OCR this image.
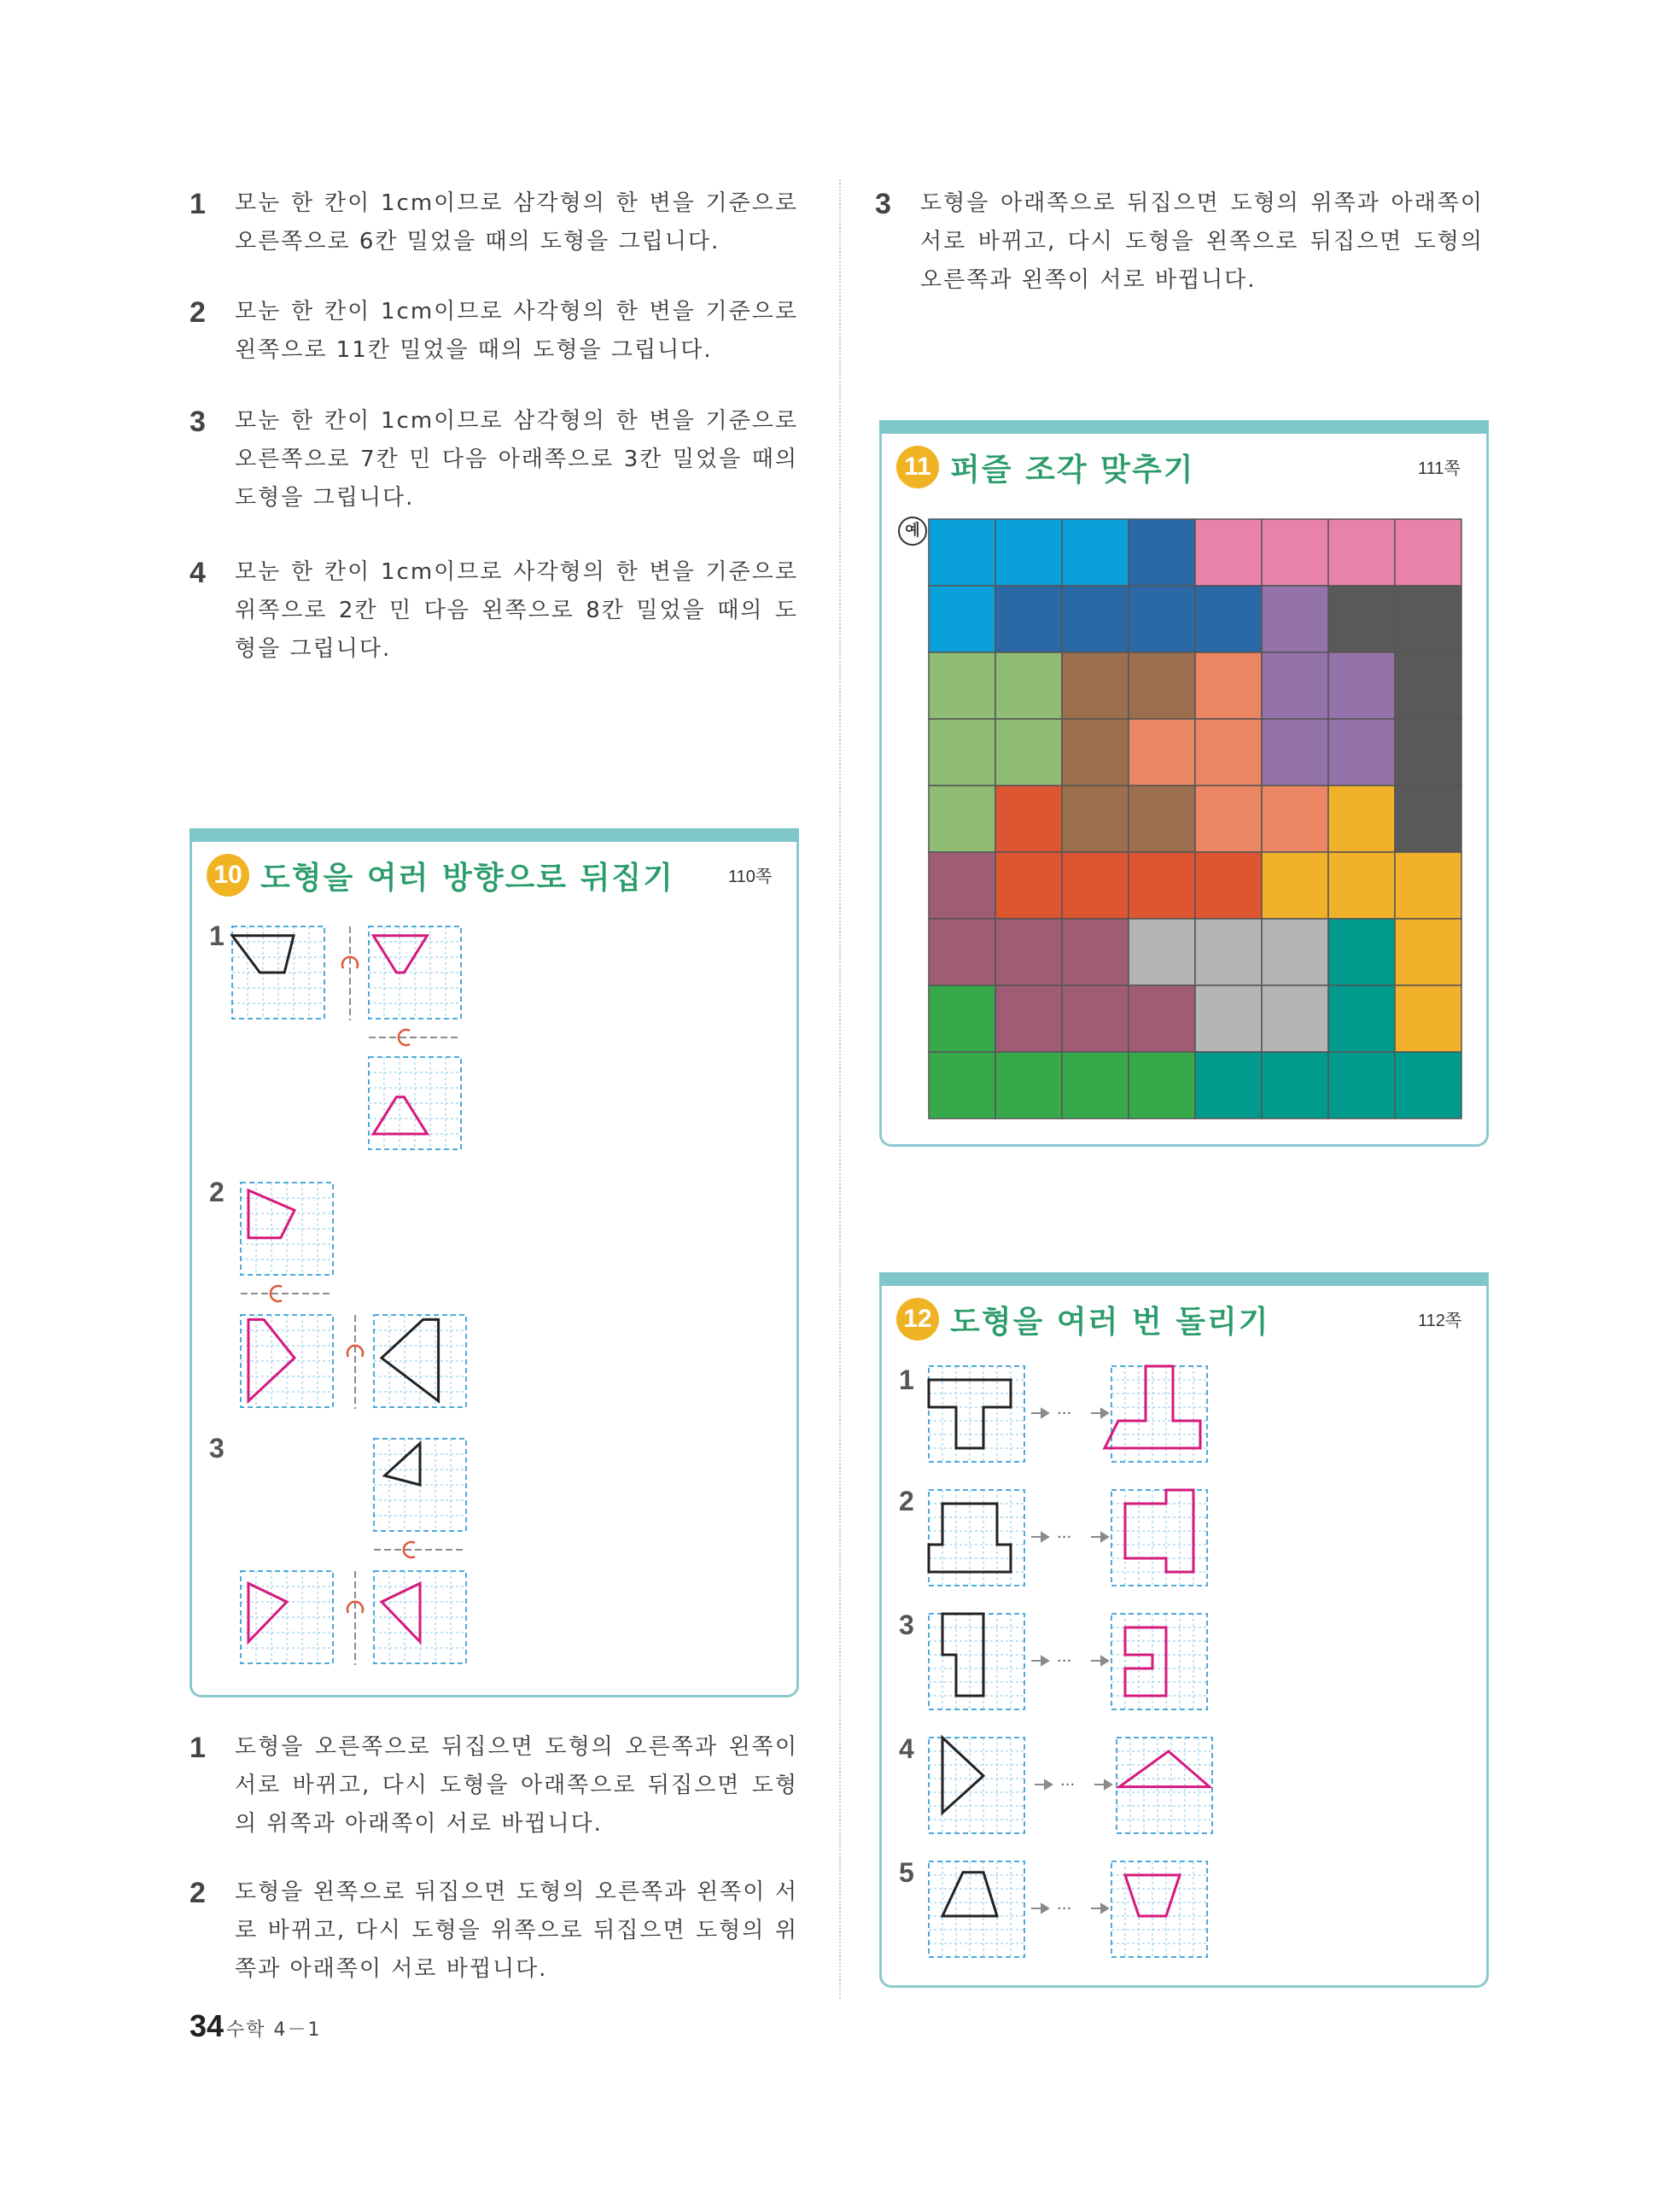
1 모눈 한 칸이 1cm이므로 삼각형의 한 변을 기준으로 오른쪽으로 6칸 밀었을 때의 도형을 그립니다.
2 모눈 한 칸이 1cm이므로 사각형의 한 변을 기준으로 왼쪽으로 11칸 밀었을 때의 도형을 그립니다.
3 모눈 한 칸이 1cm이므로 삼각형의 한 변을 기준으로 오른쪽으로 7칸 민 다음 아래쪽으로 3칸 밀었을 때의 도형을 그립니다.
4 모눈 한 칸이 1cm이므로 사각형의 한 변을 기준으로 위쪽으로 2칸 민 다음 왼쪽으로 8칸 밀었을 때의 도형을 그립니다.
3 도형을 아래쪽으로 뒤집으면 도형의 위쪽과 아래쪽이 서로 바뀌고, 다시 도형을 왼쪽으로 뒤집으면 도형의 오른쪽과 왼쪽이 서로 바뀝니다.
10 도형을 여러 방향으로 뒤집기	110쪽
1
2
3
1 도형을 오른쪽으로 뒤집으면 도형의 오른쪽과 왼쪽이 서로 바뀌고, 다시 도형을 아래쪽으로 뒤집으면 도형의 위쪽과 아래쪽이 서로 바뀝니다.
2 도형을 왼쪽으로 뒤집으면 도형의 오른쪽과 왼쪽이 서로 바뀌고, 다시 도형을 위쪽으로 뒤집으면 도형의 위쪽과 아래쪽이 서로 바뀝니다.
11 퍼즐 조각 맞추기	111쪽
예
12 도형을 여러 번 돌리기	112쪽
1
2
3
4
5
···
···
···
···
···
34 수학 4－1
